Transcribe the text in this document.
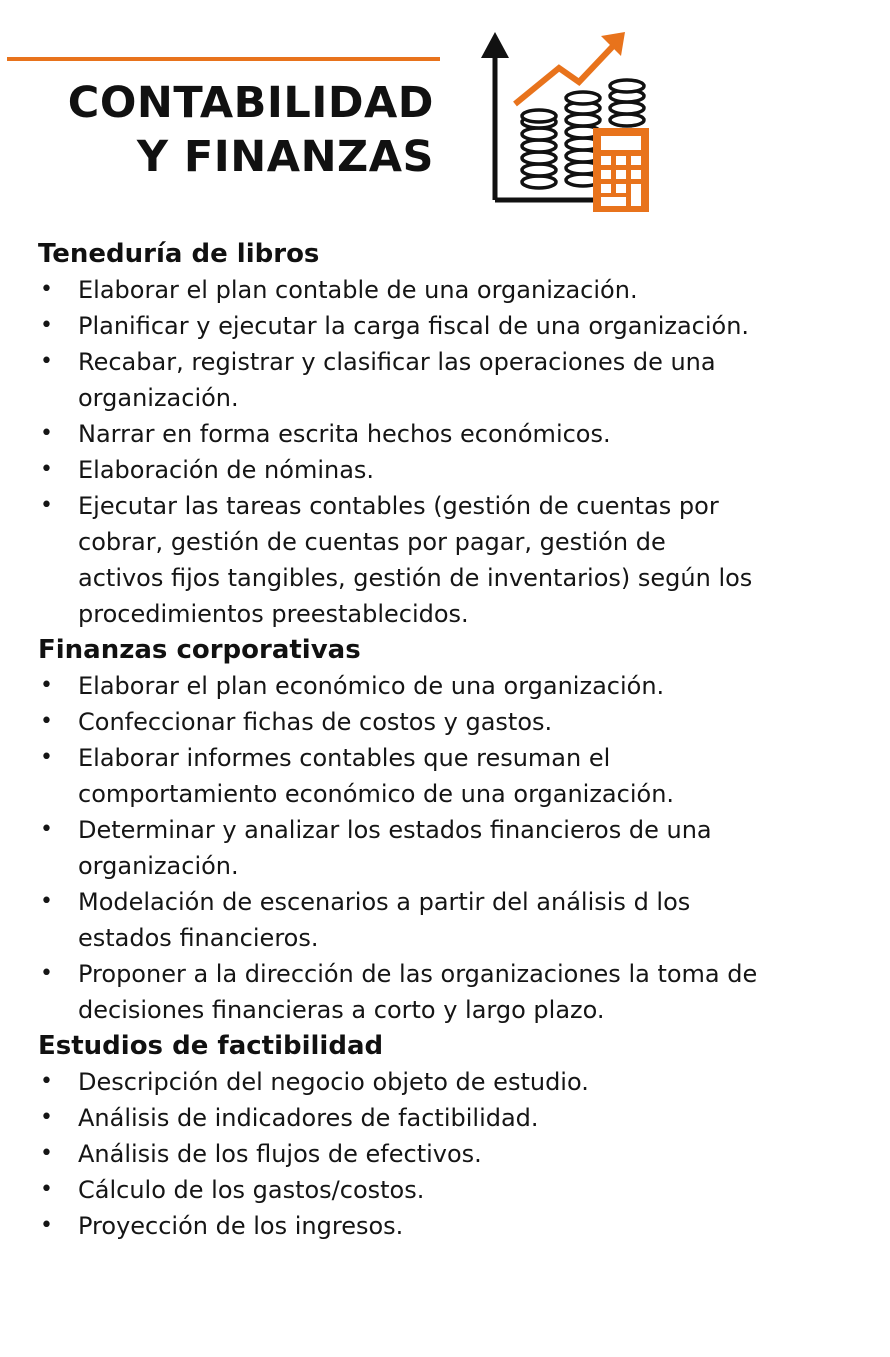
CONTABILIDAD
Y FINANZAS
Teneduría de libros
• Elaborar el plan contable de una organización.
• Planificar y ejecutar la carga fiscal de una organización.
• Recabar, registrar y clasificar las operaciones de una organización.
• Narrar en forma escrita hechos económicos.
• Elaboración de nóminas.
• Ejecutar las tareas contables (gestión de cuentas por cobrar, gestión de cuentas por pagar, gestión de activos fijos tangibles, gestión de inventarios) según los procedimientos preestablecidos.
Finanzas corporativas
• Elaborar el plan económico de una organización.
• Confeccionar fichas de costos y gastos.
• Elaborar informes contables que resuman el comportamiento económico de una organización.
• Determinar y analizar los estados financieros de una organización.
• Modelación de escenarios a partir del análisis d los estados financieros.
• Proponer a la dirección de las organizaciones la toma de decisiones financieras a corto y largo plazo.
Estudios de factibilidad
• Descripción del negocio objeto de estudio.
• Análisis de indicadores de factibilidad.
• Análisis de los flujos de efectivos.
• Cálculo de los gastos/costos.
• Proyección de los ingresos.
